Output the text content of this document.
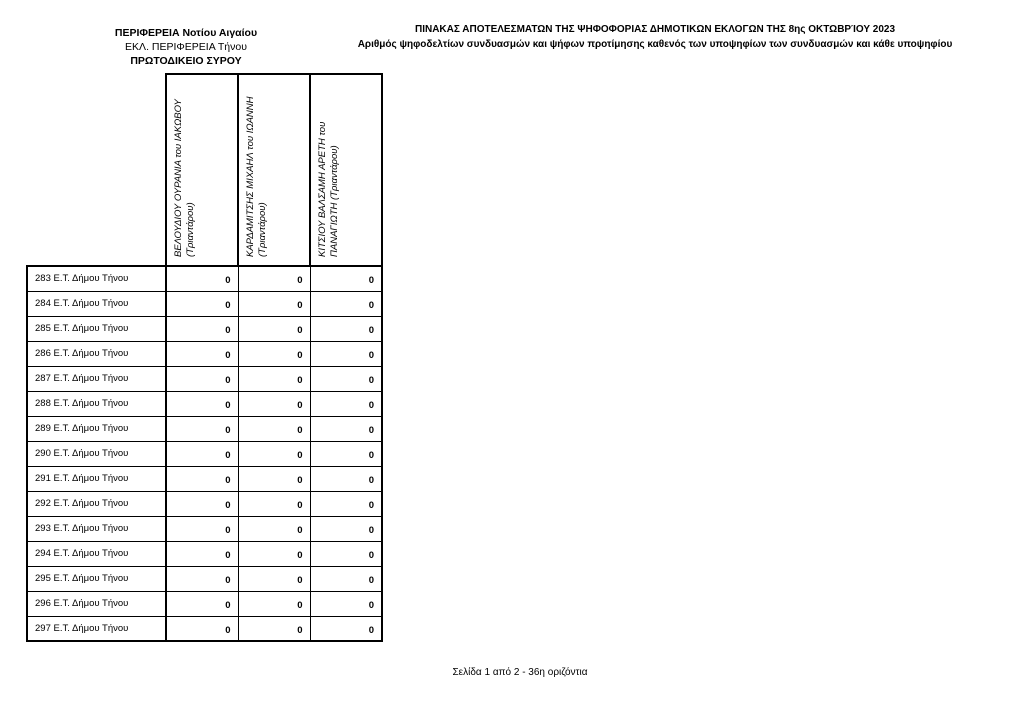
ΠΕΡΙΦΕΡΕΙΑ Νοτίου Αιγαίου
ΕΚΛ. ΠΕΡΙΦΕΡΕΙΑ Τήνου
ΠΡΩΤΟΔΙΚΕΙΟ ΣΥΡΟΥ
ΠΙΝΑΚΑΣ ΑΠΟΤΕΛΕΣΜΑΤΩΝ ΤΗΣ ΨΗΦΟΦΟΡΙΑΣ ΔΗΜΟΤΙΚΩΝ ΕΚΛΟΓΩΝ ΤΗΣ 8ης ΟΚΤΩΒΡΊΟΥ 2023
Αριθμός ψηφοδελτίων συνδυασμών και ψήφων προτίμησης καθενός των υποψηφίων των συνδυασμών και κάθε υποψηφίου

	ΒΕΛΟΥΔΙΟΥ ΟΥΡΑΝΙΑ του ΙΑΚΩΒΟΥ (Τριαντάρου)	ΚΑΡΔΑΜΙΤΣΗΣ ΜΙΧΑΗΛ του ΙΩΑΝΝΗ (Τριαντάρου)	ΚΙΤΣΙΟΥ ΒΑΛΣΑΜΗ ΑΡΕΤΗ του ΠΑΝΑΓΙΩΤΗ (Τριαντάρου)

283 Ε.Τ. Δήμου Τήνου	0	0	0
284 Ε.Τ. Δήμου Τήνου	0	0	0
285 Ε.Τ. Δήμου Τήνου	0	0	0
286 Ε.Τ. Δήμου Τήνου	0	0	0
287 Ε.Τ. Δήμου Τήνου	0	0	0
288 Ε.Τ. Δήμου Τήνου	0	0	0
289 Ε.Τ. Δήμου Τήνου	0	0	0
290 Ε.Τ. Δήμου Τήνου	0	0	0
291 Ε.Τ. Δήμου Τήνου	0	0	0
292 Ε.Τ. Δήμου Τήνου	0	0	0
293 Ε.Τ. Δήμου Τήνου	0	0	0
294 Ε.Τ. Δήμου Τήνου	0	0	0
295 Ε.Τ. Δήμου Τήνου	0	0	0
296 Ε.Τ. Δήμου Τήνου	0	0	0
297 Ε.Τ. Δήμου Τήνου	0	0	0
Σελίδα 1 από 2 - 36η οριζόντια
